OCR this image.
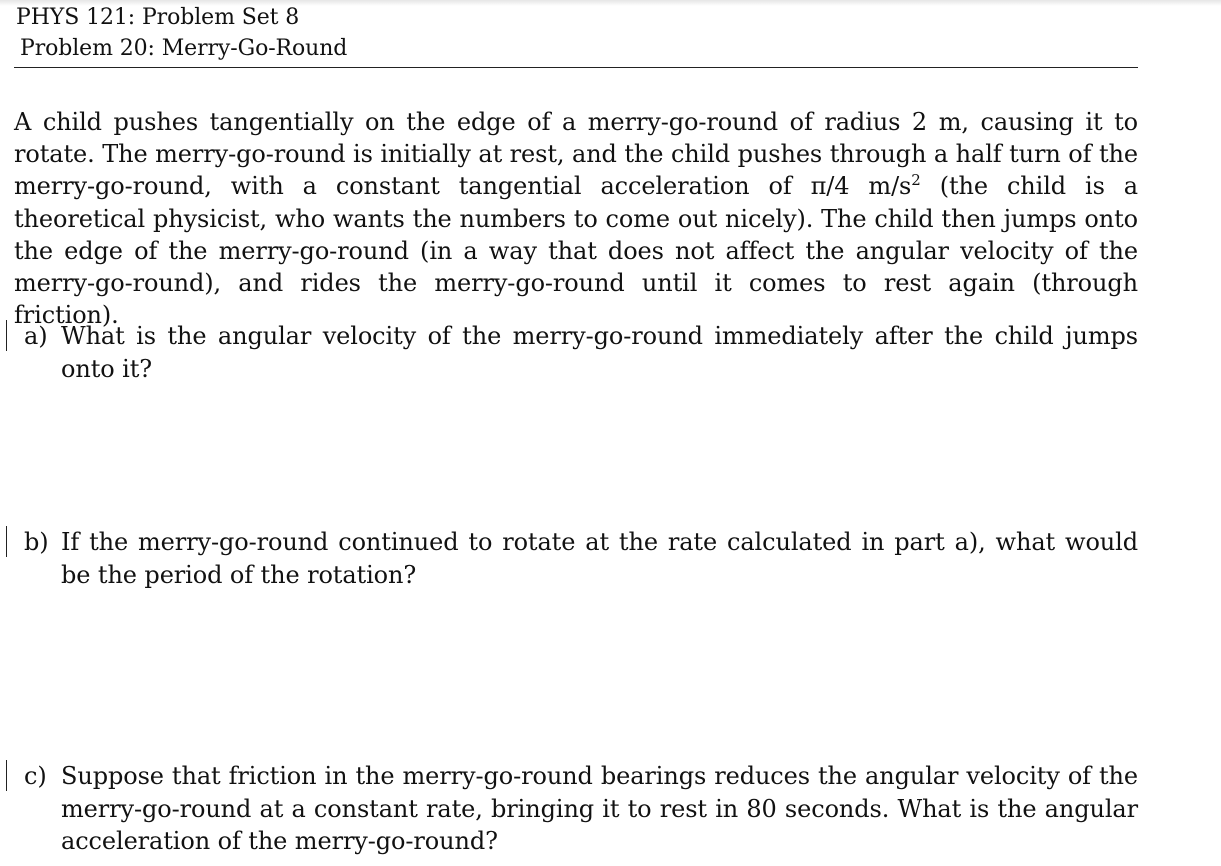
PHYS 121: Problem Set 8
Problem 20: Merry-Go-Round
A child pushes tangentially on the edge of a merry-go-round of radius 2 m, causing it to rotate. The merry-go-round is initially at rest, and the child pushes through a half turn of the merry-go-round, with a constant tangential acceleration of π/4 $m/s^2$ (the child is a theoretical physicist, who wants the numbers to come out nicely). The child then jumps onto the edge of the merry-go-round (in a way that does not affect the angular velocity of the merry-go-round), and rides the merry-go-round until it comes to rest again (through friction).
a) What is the angular velocity of the merry-go-round immediately after the child jumps onto it?
b) If the merry-go-round continued to rotate at the rate calculated in part a), what would be the period of the rotation?
c) Suppose that friction in the merry-go-round bearings reduces the angular velocity of the merry-go-round at a constant rate, bringing it to rest in 80 seconds. What is the angular acceleration of the merry-go-round?
